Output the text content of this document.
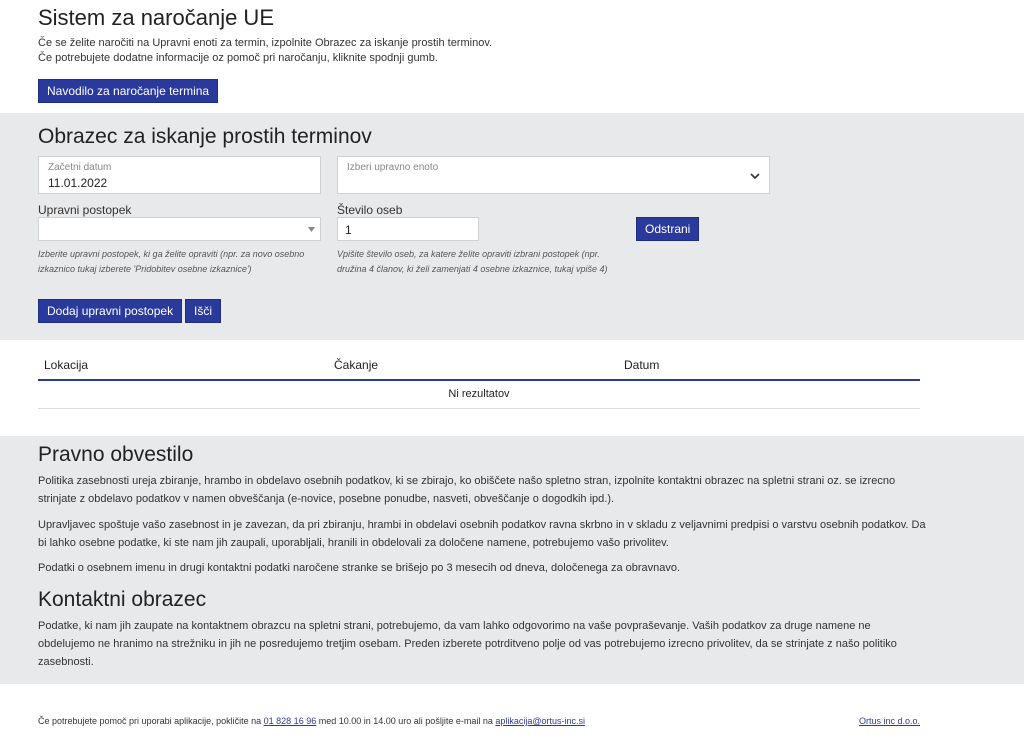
Sistem za naročanje UE
Če se želite naročiti na Upravni enoti za termin, izpolnite Obrazec za iskanje prostih terminov.
Če potrebujete dodatne informacije oz pomoč pri naročanju, kliknite spodnji gumb.
Navodilo za naročanje termina
Obrazec za iskanje prostih terminov
Začetni datum
11.01.2022
Izberi upravno enoto
Upravni postopek
Izberite upravni postopek, ki ga želite opraviti (npr. za novo osebno izkaznico tukaj izberete 'Pridobitev osebne izkaznice')
Število oseb
1
Vpišite število oseb, za katere želite opraviti izbrani postopek (npr. družina 4 članov, ki želi zamenjati 4 osebne izkaznice, tukaj vpiše 4)
Odstrani
Dodaj upravni postopek	Išči
Lokacija	Čakanje	Datum
Ni rezultatov
Pravno obvestilo
Politika zasebnosti ureja zbiranje, hrambo in obdelavo osebnih podatkov, ki se zbirajo, ko obiščete našo spletno stran, izpolnite kontaktni obrazec na spletni strani oz. se izrecno strinjate z obdelavo podatkov v namen obveščanja (e-novice, posebne ponudbe, nasveti, obveščanje o dogodkih ipd.).
Upravljavec spoštuje vašo zasebnost in je zavezan, da pri zbiranju, hrambi in obdelavi osebnih podatkov ravna skrbno in v skladu z veljavnimi predpisi o varstvu osebnih podatkov. Da bi lahko osebne podatke, ki ste nam jih zaupali, uporabljali, hranili in obdelovali za določene namene, potrebujemo vašo privolitev.
Podatki o osebnem imenu in drugi kontaktni podatki naročene stranke se brišejo po 3 mesecih od dneva, določenega za obravnavo.
Kontaktni obrazec
Podatke, ki nam jih zaupate na kontaktnem obrazcu na spletni strani, potrebujemo, da vam lahko odgovorimo na vaše povpraševanje. Vaših podatkov za druge namene ne obdelujemo ne hranimo na strežniku in jih ne posredujemo tretjim osebam. Preden izberete potrditveno polje od vas potrebujemo izrecno privolitev, da se strinjate z našo politiko zasebnosti.
Če potrebujete pomoč pri uporabi aplikacije, pokličite na 01 828 16 96 med 10.00 in 14.00 uro ali pošljite e-mail na aplikacija@ortus-inc.si	Ortus inc d.o.o.
